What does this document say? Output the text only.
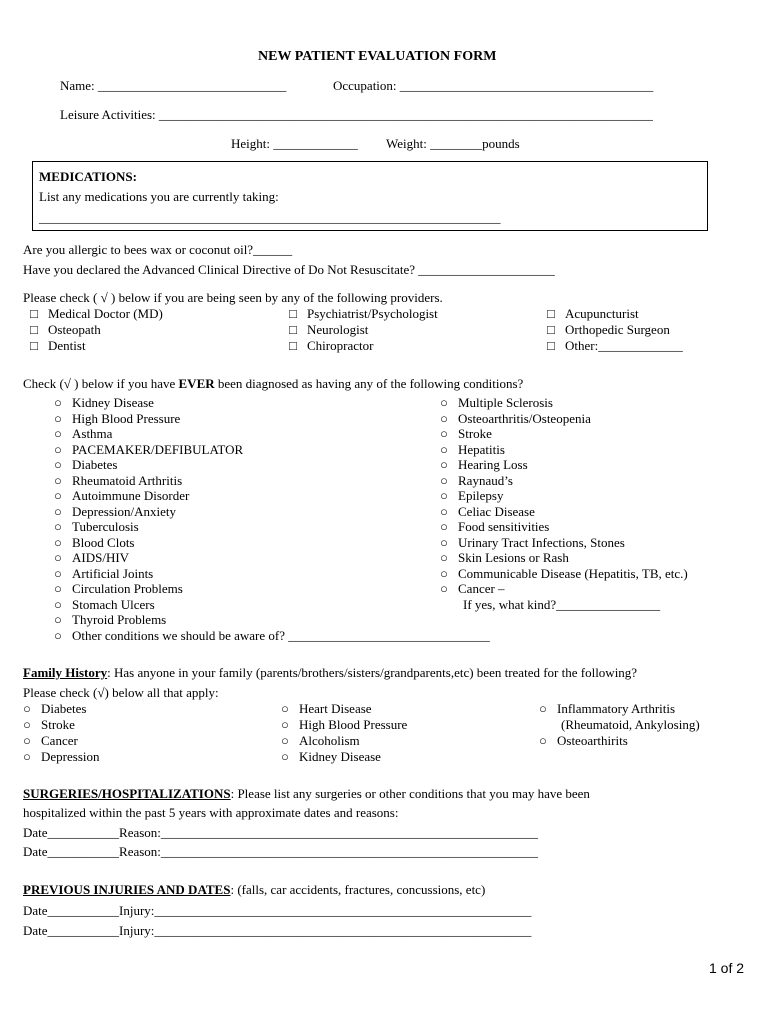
NEW PATIENT EVALUATION FORM
Name: _____________________________	Occupation: _______________________________________
Leisure Activities: ____________________________________________________________________________
Height: _____________ Weight: ________pounds
MEDICATIONS:
List any medications you are currently taking:
_______________________________________________________________________
Are you allergic to bees wax or coconut oil?______
Have you declared the Advanced Clinical Directive of Do Not Resuscitate? _____________________
Please check ( √ ) below if you are being seen by any of the following providers.
□ Medical Doctor (MD)
□ Osteopath
□ Dentist
□ Psychiatrist/Psychologist
□ Neurologist
□ Chiropractor
□ Acupuncturist
□ Orthopedic Surgeon
□ Other:_____________
Check (√ ) below if you have EVER been diagnosed as having any of the following conditions?
○ Kidney Disease
○ High Blood Pressure
○ Asthma
○ PACEMAKER/DEFIBULATOR
○ Diabetes
○ Rheumatoid Arthritis
○ Autoimmune Disorder
○ Depression/Anxiety
○ Tuberculosis
○ Blood Clots
○ AIDS/HIV
○ Artificial Joints
○ Circulation Problems
○ Stomach Ulcers
○ Thyroid Problems
○ Other conditions we should be aware of? _______________________________
○ Multiple Sclerosis
○ Osteoarthritis/Osteopenia
○ Stroke
○ Hepatitis
○ Hearing Loss
○ Raynaud’s
○ Epilepsy
○ Celiac Disease
○ Food sensitivities
○ Urinary Tract Infections, Stones
○ Skin Lesions or Rash
○ Communicable Disease (Hepatitis, TB, etc.)
○ Cancer –
If yes, what kind?________________
Family History: Has anyone in your family (parents/brothers/sisters/grandparents,etc) been treated for the following?
Please check (√) below all that apply:
○ Diabetes
○ Stroke
○ Cancer
○ Depression
○ Heart Disease
○ High Blood Pressure
○ Alcoholism
○ Kidney Disease
○ Inflammatory Arthritis
(Rheumatoid, Ankylosing)
○ Osteoarthirits
SURGERIES/HOSPITALIZATIONS: Please list any surgeries or other conditions that you may have been
hospitalized within the past 5 years with approximate dates and reasons:
Date___________Reason:__________________________________________________________
Date___________Reason:__________________________________________________________
PREVIOUS INJURIES AND DATES: (falls, car accidents, fractures, concussions, etc)
Date___________Injury:__________________________________________________________
Date___________Injury:__________________________________________________________
1 of 2
